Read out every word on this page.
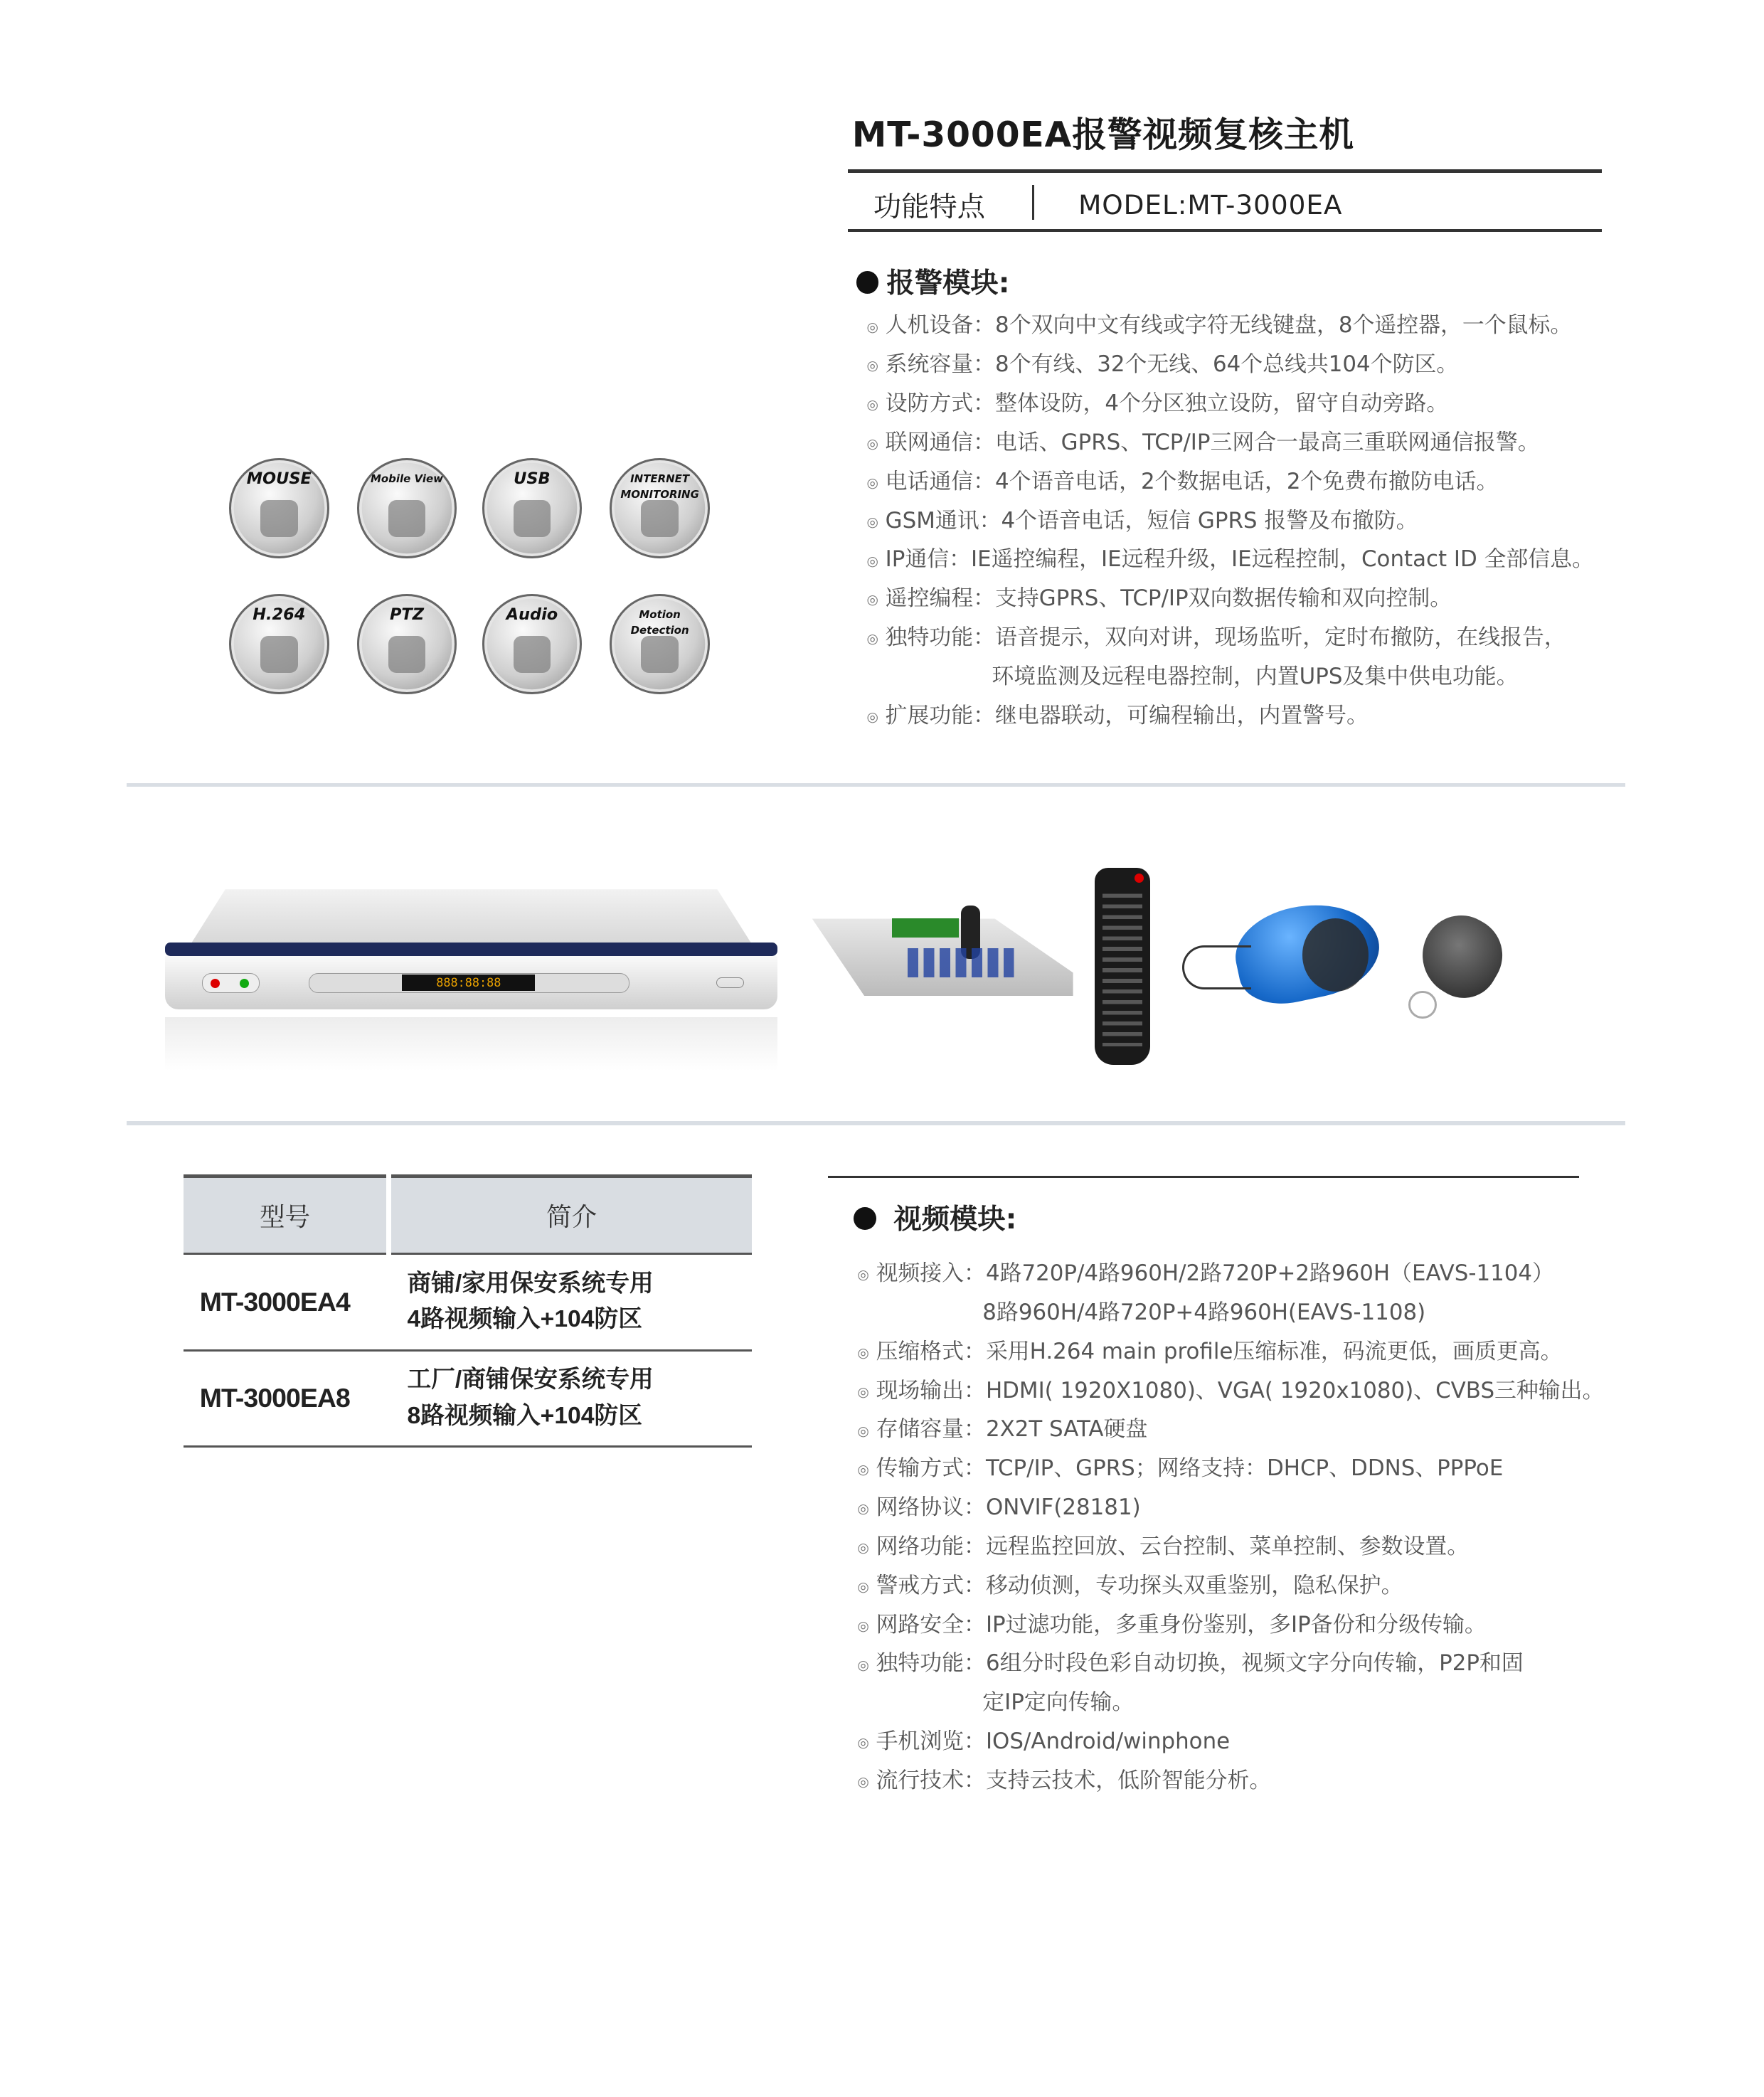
MT-3000EA报警视频复核主机
功能特点	MODEL:MT-3000EA
报警模块:
◎ 人机设备：8个双向中文有线或字符无线键盘，8个遥控器，一个鼠标。
◎ 系统容量：8个有线、32个无线、64个总线共104个防区。
◎ 设防方式：整体设防，4个分区独立设防，留守自动旁路。
◎ 联网通信：电话、GPRS、TCP/IP三网合一最高三重联网通信报警。
◎ 电话通信：4个语音电话，2个数据电话，2个免费布撤防电话。
◎ GSM通讯：4个语音电话，短信 GPRS 报警及布撤防。
◎ IP通信：IE遥控编程，IE远程升级，IE远程控制，Contact ID 全部信息。
◎ 遥控编程：支持GPRS、TCP/IP双向数据传输和双向控制。
◎ 独特功能：语音提示，双向对讲，现场监听，定时布撤防，在线报告，
环境监测及远程电器控制，内置UPS及集中供电功能。
◎ 扩展功能：继电器联动，可编程输出，内置警号。
MOUSE	Mobile View	USB	INTERNET MONITORING
H.264	PTZ	Audio	Motion Detection
888:88:88
型号	简介
MT-3000EA4	商铺/家用保安系统专用
4路视频输入+104防区

MT-3000EA8	工厂/商铺保安系统专用
8路视频输入+104防区
视频模块:
◎ 视频接入：4路720P/4路960H/2路720P+2路960H（EAVS-1104）
8路960H/4路720P+4路960H(EAVS-1108)
◎ 压缩格式：采用H.264 main profile压缩标准，码流更低，画质更高。
◎ 现场输出：HDMI( 1920X1080)、VGA( 1920x1080)、CVBS三种输出。
◎ 存储容量：2X2T SATA硬盘
◎ 传输方式：TCP/IP、GPRS；网络支持：DHCP、DDNS、PPPoE
◎ 网络协议：ONVIF(28181)
◎ 网络功能：远程监控回放、云台控制、菜单控制、参数设置。
◎ 警戒方式：移动侦测，专功探头双重鉴别，隐私保护。
◎ 网路安全：IP过滤功能，多重身份鉴别，多IP备份和分级传输。
◎ 独特功能：6组分时段色彩自动切换，视频文字分向传输，P2P和固
定IP定向传输。
◎ 手机浏览：IOS/Android/winphone
◎ 流行技术：支持云技术，低阶智能分析。
